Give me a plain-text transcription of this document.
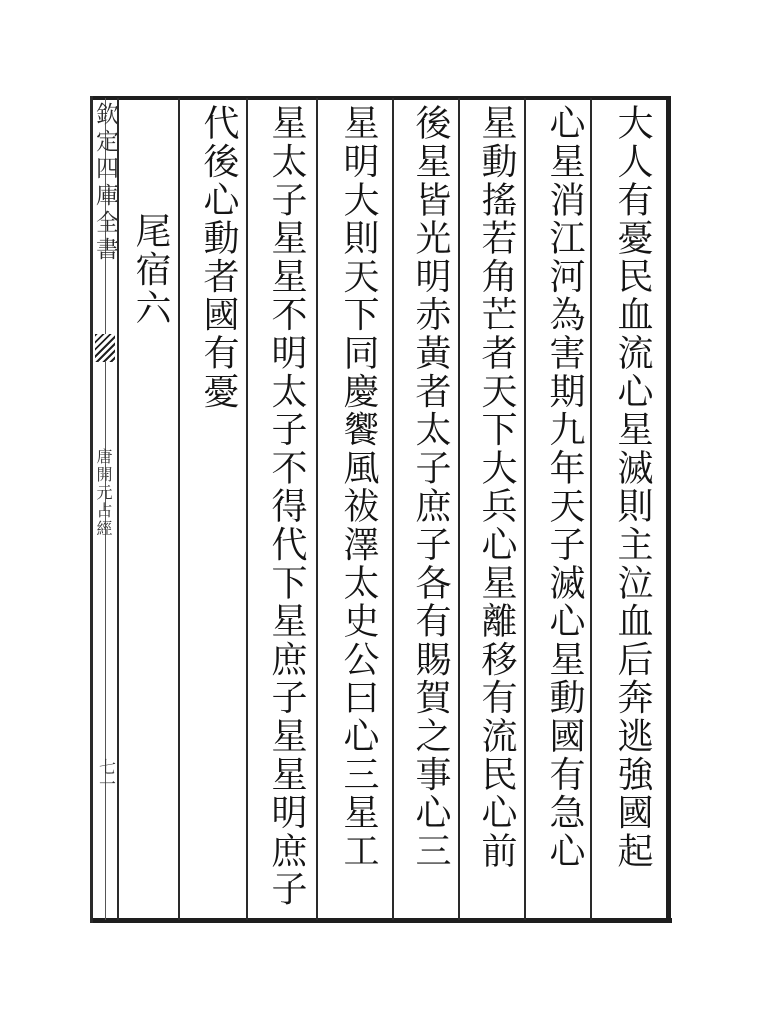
欽定四庫全書
唐開元占經
七一	大人有憂民血流心星滅則主泣血后奔逃強國起
心星消江河為害期九年天子滅心星動國有急心
星動搖若角芒者天下大兵心星離移有流民心前
後星皆光明赤黃者太子庶子各有賜賀之事心三
星明大則天下同慶饗風祓澤太史公曰心三星工
星太子星星不明太子不得代下星庶子星星明庶子
代後心動者國有憂
尾宿六
